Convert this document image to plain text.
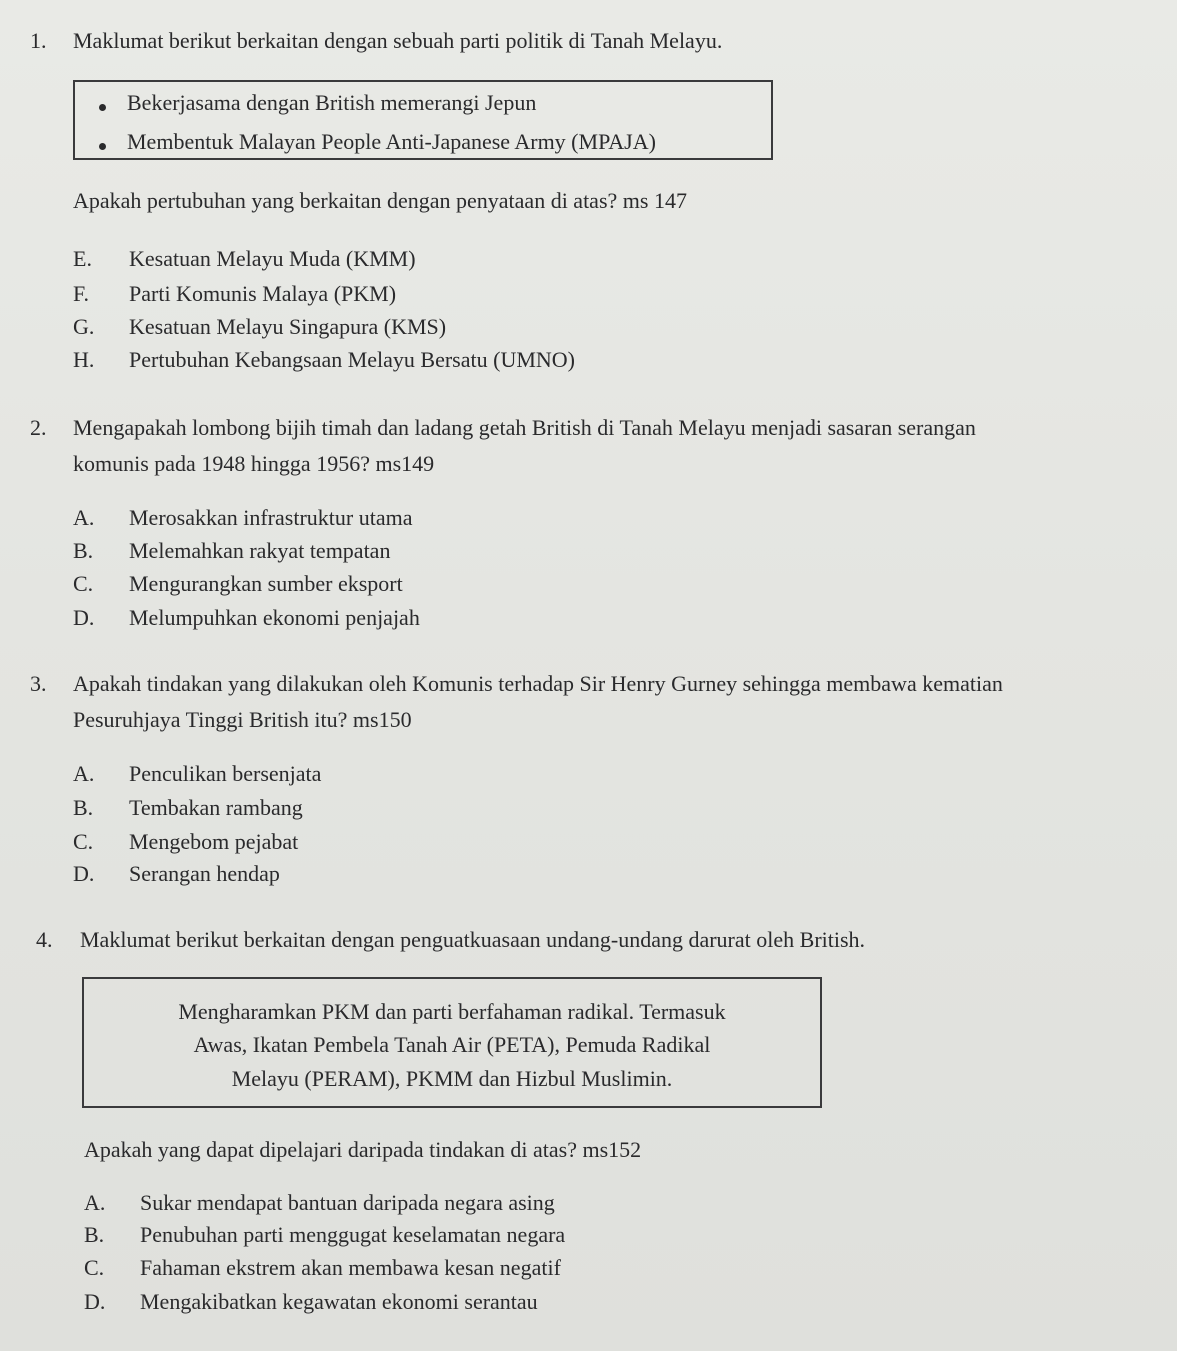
1. Maklumat berikut berkaitan dengan sebuah parti politik di Tanah Melayu.
Bekerjasama dengan British memerangi Jepun
Membentuk Malayan People Anti-Japanese Army (MPAJA)
Apakah pertubuhan yang berkaitan dengan penyataan di atas? ms 147
E. Kesatuan Melayu Muda (KMM)
F. Parti Komunis Malaya (PKM)
G. Kesatuan Melayu Singapura (KMS)
H. Pertubuhan Kebangsaan Melayu Bersatu (UMNO)
2. Mengapakah lombong bijih timah dan ladang getah British di Tanah Melayu menjadi sasaran serangan
komunis pada 1948 hingga 1956? ms149
A. Merosakkan infrastruktur utama
B. Melemahkan rakyat tempatan
C. Mengurangkan sumber eksport
D. Melumpuhkan ekonomi penjajah
3. Apakah tindakan yang dilakukan oleh Komunis terhadap Sir Henry Gurney sehingga membawa kematian
Pesuruhjaya Tinggi British itu? ms150
A. Penculikan bersenjata
B. Tembakan rambang
C. Mengebom pejabat
D. Serangan hendap
4. Maklumat berikut berkaitan dengan penguatkuasaan undang-undang darurat oleh British.
Mengharamkan PKM dan parti berfahaman radikal. Termasuk
Awas, Ikatan Pembela Tanah Air (PETA), Pemuda Radikal
Melayu (PERAM), PKMM dan Hizbul Muslimin.
Apakah yang dapat dipelajari daripada tindakan di atas? ms152
A. Sukar mendapat bantuan daripada negara asing
B. Penubuhan parti menggugat keselamatan negara
C. Fahaman ekstrem akan membawa kesan negatif
D. Mengakibatkan kegawatan ekonomi serantau
